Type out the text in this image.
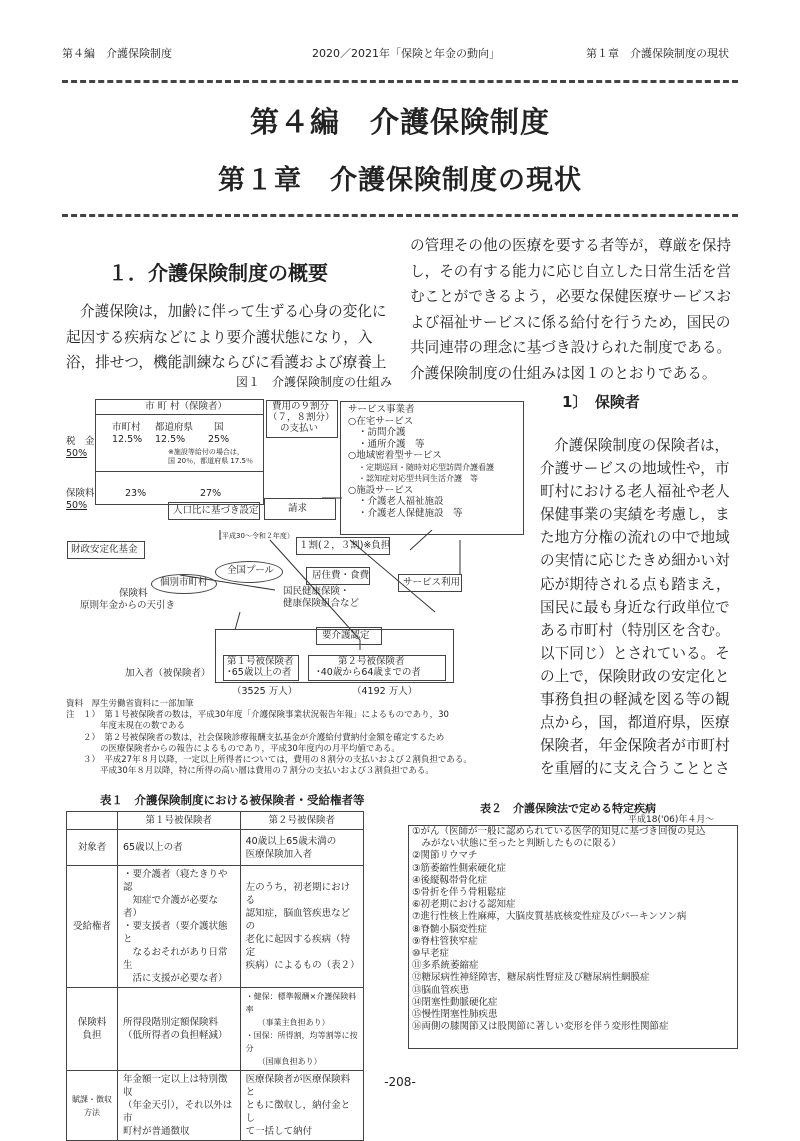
第４編　介護保険制度	2020／2021年「保険と年金の動向」	第１章　介護保険制度の現状
第４編　介護保険制度
第１章　介護保険制度の現状
１．介護保険制度の概要
介護保険は，加齢に伴って生ずる心身の変化に
起因する疾病などにより要介護状態になり，入
浴，排せつ，機能訓練ならびに看護および療養上
の管理その他の医療を要する者等が，尊厳を保持
し，その有する能力に応じ自立した日常生活を営
むことができるよう，必要な保健医療サービスお
よび福祉サービスに係る給付を行うため，国民の
共同連帯の理念に基づき設けられた制度である。
介護保険制度の仕組みは図１のとおりである。
1〕　保険者
介護保険制度の保険者は，
介護サービスの地域性や，市
町村における老人福祉や老人
保健事業の実績を考慮し，ま
た地方分権の流れの中で地域
の実情に応じたきめ細かい対
応が期待される点も踏まえ，
国民に最も身近な行政単位で
ある市町村（特別区を含む。
以下同じ）とされている。そ
の上で，保険財政の安定化と
事務負担の軽減を図る等の観
点から，国，都道府県，医療
保険者，年金保険者が市町村
を重層的に支え合うこととさ
図１　介護保険制度の仕組み
市 町 村（保険者）
税　金
50%
市町村
12.5%
都道府県
12.5%
国
25%
※施設等給付の場合は，
国 20％，都道府県 17.5％
保険料
50%
23%	27%
人口比に基づき設定
費用の９割分
（７，８割分）
の支払い
請求
サービス事業者
○在宅サービス
・訪問介護
・通所介護　等
○地域密着型サービス
・定期巡回・随時対応型訪問介護看護
・認知症対応型共同生活介護　等
○施設サービス
・介護老人福祉施設
・介護老人保健施設　等
（平成30～令和２年度）
１割(２，３割)※負担
財政安定化基金
個別市町村
全国プール	居住費・食費
サービス利用
国民健康保険・
健康保険組合など
保険料
原則年金からの天引き
要介護認定
加入者（被保険者）
第１号被保険者
･65歳以上の者
第２号被保険者
･40歳から64歳までの者
（3525 万人）	（4192 万人）
資料　厚生労働省資料に一部加筆
注　１）　第１号被保険者の数は，平成30年度「介護保険事業状況報告年報」によるものであり，30
　　　　年度末現在の数である
　　２）　第２号被保険者の数は，社会保険診療報酬支払基金が介護給付費納付金額を確定するため
　　　　の医療保険者からの報告によるものであり，平成30年度内の月平均値である。
　　３）　平成27年８月以降，一定以上所得者については，費用の８割分の支払いおよび２割負担である。
　　　　平成30年８月以降，特に所得の高い層は費用の７割分の支払いおよび３割負担である。
表１　介護保険制度における被保険者・受給権者等
	第１号被保険者	第２号被保険者
対象者	65歳以上の者	40歳以上65歳未満の
医療保険加入者
受給権者	・要介護者（寝たきりや認
　知症で介護が必要な者）
・要支援者（要介護状態と
　なるおそれがあり日常生
　活に支援が必要な者）	左のうち，初老期における
認知症，脳血管疾患などの
老化に起因する疾病（特定
疾病）によるもの（表２）
保険料
負担	所得段階別定額保険料
（低所得者の負担軽減）	・健保：標準報酬×介護保険料率
　　（事業主負担あり）
・国保：所得割，均等割等に按分
　　（国庫負担あり）
賦課・徴収
方法	年金額一定以上は特別徴収
（年金天引），それ以外は市
町村が普通徴収	医療保険者が医療保険料と
ともに徴収し，納付金とし
て一括して納付
表２　介護保険法で定める特定疾病
平成18('06)年４月～
①がん（医師が一般に認められている医学的知見に基づき回復の見込
　みがない状態に至ったと判断したものに限る）
②関節リウマチ
③筋萎縮性側索硬化症
④後縦靱帯骨化症
⑤骨折を伴う骨粗鬆症
⑥初老期における認知症
⑦進行性核上性麻痺，大脳皮質基底核変性症及びパーキンソン病
⑧脊髄小脳変性症
⑨脊柱管狭窄症
⑩早老症
⑪多系統萎縮症
⑫糖尿病性神経障害，糖尿病性腎症及び糖尿病性網膜症
⑬脳血管疾患
⑭閉塞性動脈硬化症
⑮慢性閉塞性肺疾患
⑯両側の膝関節又は股関節に著しい変形を伴う変形性関節症
-208-
